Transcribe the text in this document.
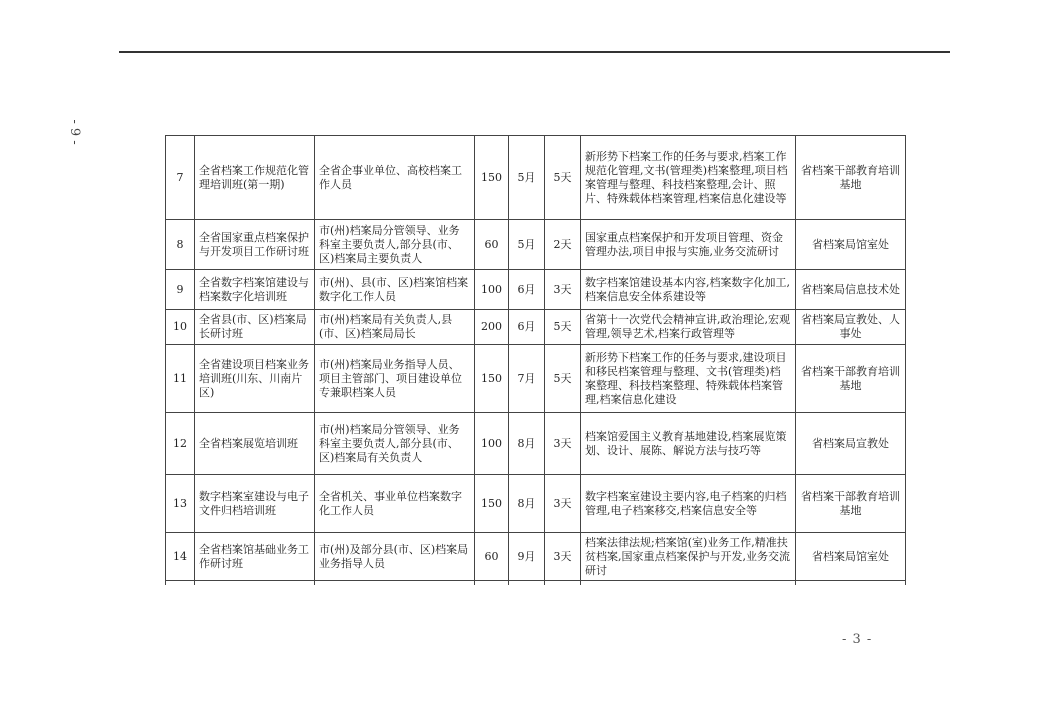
- 9 -
7	全省档案工作规范化管理培训班(第一期)	全省企事业单位、高校档案工作人员	150	5月	5天	新形势下档案工作的任务与要求,档案工作规范化管理,文书(管理类)档案整理,项目档案管理与整理、科技档案整理,会计、照片、特殊载体档案管理,档案信息化建设等	省档案干部教育培训基地
8	全省国家重点档案保护与开发项目工作研讨班	市(州)档案局分管领导、业务科室主要负责人,部分县(市、区)档案局主要负责人	60	5月	2天	国家重点档案保护和开发项目管理、资金管理办法,项目申报与实施,业务交流研讨	省档案局馆室处
9	全省数字档案馆建设与档案数字化培训班	市(州)、县(市、区)档案馆档案数字化工作人员	100	6月	3天	数字档案馆建设基本内容,档案数字化加工,档案信息安全体系建设等	省档案局信息技术处
10	全省县(市、区)档案局长研讨班	市(州)档案局有关负责人,县(市、区)档案局局长	200	6月	5天	省第十一次党代会精神宣讲,政治理论,宏观管理,领导艺术,档案行政管理等	省档案局宣教处、人事处
11	全省建设项目档案业务培训班(川东、川南片区)	市(州)档案局业务指导人员、项目主管部门、项目建设单位专兼职档案人员	150	7月	5天	新形势下档案工作的任务与要求,建设项目和移民档案管理与整理、文书(管理类)档案整理、科技档案整理、特殊载体档案管理,档案信息化建设	省档案干部教育培训基地
12	全省档案展览培训班	市(州)档案局分管领导、业务科室主要负责人,部分县(市、区)档案局有关负责人	100	8月	3天	档案馆爱国主义教育基地建设,档案展览策划、设计、展陈、解说方法与技巧等	省档案局宣教处
13	数字档案室建设与电子文件归档培训班	全省机关、事业单位档案数字化工作人员	150	8月	3天	数字档案室建设主要内容,电子档案的归档管理,电子档案移交,档案信息安全等	省档案干部教育培训基地
14	全省档案馆基础业务工作研讨班	市(州)及部分县(市、区)档案局业务指导人员	60	9月	3天	档案法律法规;档案馆(室)业务工作,精准扶贫档案,国家重点档案保护与开发,业务交流研讨	省档案局馆室处

- 3 -
